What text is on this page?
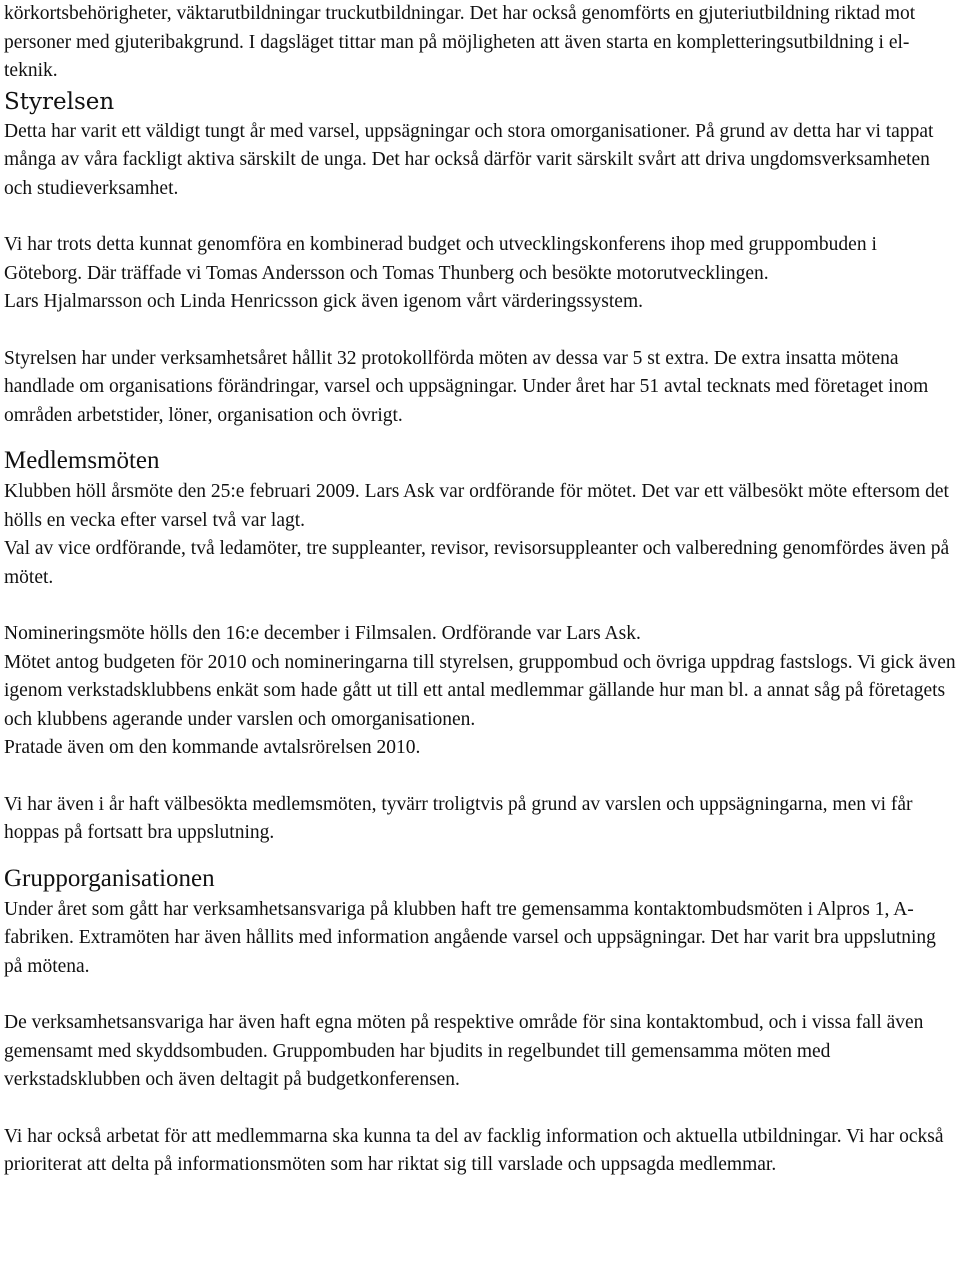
körkortsbehörigheter, väktarutbildningar truckutbildningar. Det har också genomförts en gjuteriutbildning riktad mot personer med gjuteribakgrund. I dagsläget tittar man på möjligheten att även starta en kompletteringsutbildning i el-teknik.

Styrelsen

Detta har varit ett väldigt tungt år med varsel, uppsägningar och stora omorganisationer. På grund av detta har vi tappat många av våra fackligt aktiva särskilt de unga. Det har också därför varit särskilt svårt att driva ungdomsverksamheten och studieverksamhet.

Vi har trots detta kunnat genomföra en kombinerad budget och utvecklingskonferens ihop med gruppombuden i Göteborg. Där träffade vi Tomas Andersson och Tomas Thunberg och besökte motorutvecklingen.

Lars Hjalmarsson och Linda Henricsson gick även igenom vårt värderingssystem.

Styrelsen har under verksamhetsåret hållit 32 protokollförda möten av dessa var 5 st extra. De extra insatta mötena handlade om organisations förändringar, varsel och uppsägningar. Under året har 51 avtal tecknats med företaget inom områden arbetstider, löner, organisation och övrigt.

Medlemsmöten

Klubben höll årsmöte den 25:e februari 2009. Lars Ask var ordförande för mötet. Det var ett välbesökt möte eftersom det hölls en vecka efter varsel två var lagt.

Val av vice ordförande, två ledamöter, tre suppleanter, revisor, revisorsuppleanter och valberedning genomfördes även på mötet.

Nomineringsmöte hölls den 16:e december i Filmsalen. Ordförande var Lars Ask.

Mötet antog budgeten för 2010 och nomineringarna till styrelsen, gruppombud och övriga uppdrag fastslogs. Vi gick även igenom verkstadsklubbens enkät som hade gått ut till ett antal medlemmar gällande hur man bl. a annat såg på företagets och klubbens agerande under varslen och omorganisationen.

Pratade även om den kommande avtalsrörelsen 2010.

Vi har även i år haft välbesökta medlemsmöten, tyvärr troligtvis på grund av varslen och uppsägningarna, men vi får hoppas på fortsatt bra uppslutning.

Grupporganisationen

Under året som gått har verksamhetsansvariga på klubben haft tre gemensamma kontaktombudsmöten i Alpros 1, A-fabriken. Extramöten har även hållits med information angående varsel och uppsägningar. Det har varit bra uppslutning på mötena.

De verksamhetsansvariga har även haft egna möten på respektive område för sina kontaktombud, och i vissa fall även gemensamt med skyddsombuden. Gruppombuden har bjudits in regelbundet till gemensamma möten med verkstadsklubben och även deltagit på budgetkonferensen.

Vi har också arbetat för att medlemmarna ska kunna ta del av facklig information och aktuella utbildningar. Vi har också prioriterat att delta på informationsmöten som har riktat sig till varslade och uppsagda medlemmar.
